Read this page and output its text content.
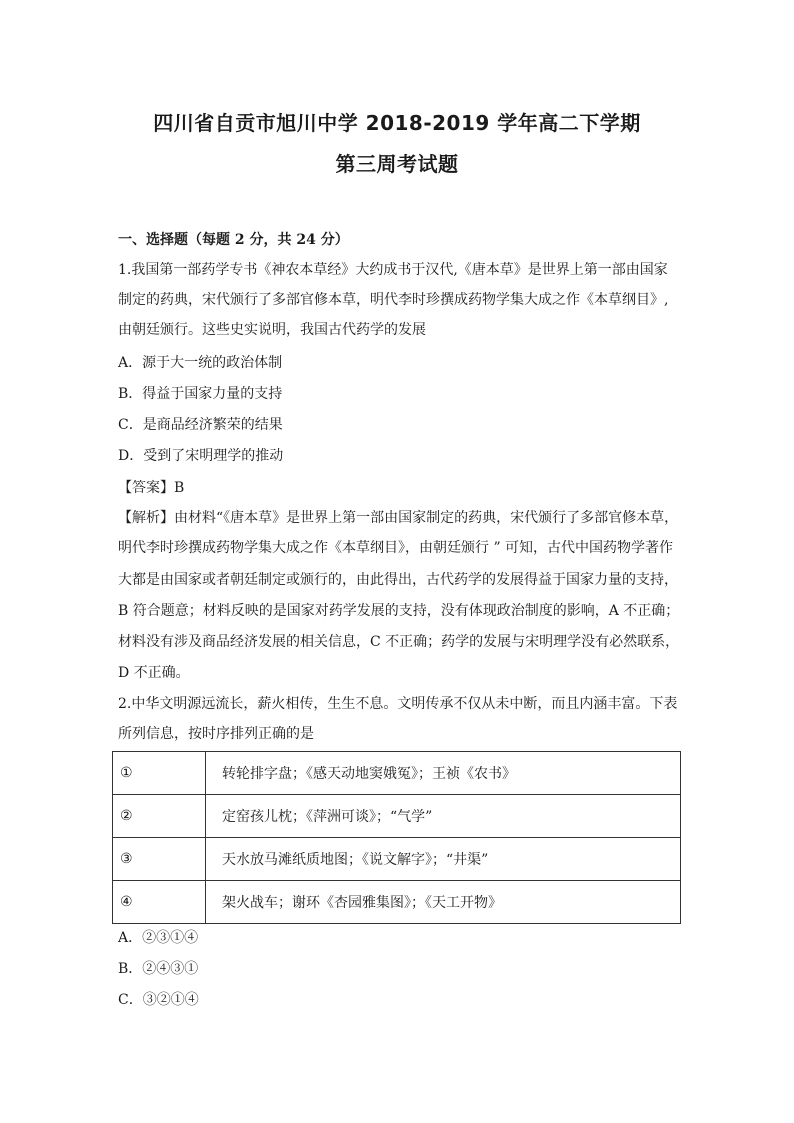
四川省自贡市旭川中学 2018-2019 学年高二下学期
第三周考试题
一、选择题（每题 2 分，共 24 分）
1.我国第一部药学专书《神农本草经》大约成书于汉代,《唐本草》是世界上第一部由国家
制定的药典，宋代颁行了多部官修本草，明代李时珍撰成药物学集大成之作《本草纲目》,
由朝廷颁行。这些史实说明，我国古代药学的发展
A．源于大一统的政治体制
B．得益于国家力量的支持
C．是商品经济繁荣的结果
D．受到了宋明理学的推动
【答案】B
【解析】由材料“《唐本草》是世界上第一部由国家制定的药典，宋代颁行了多部官修本草，
明代李时珍撰成药物学集大成之作《本草纲目》，由朝廷颁行 ” 可知，古代中国药物学著作
大都是由国家或者朝廷制定或颁行的，由此得出，古代药学的发展得益于国家力量的支持，
B 符合题意；材料反映的是国家对药学发展的支持，没有体现政治制度的影响，A 不正确；
材料没有涉及商品经济发展的相关信息，C 不正确；药学的发展与宋明理学没有必然联系，
D 不正确。
2.中华文明源远流长，薪火相传，生生不息。文明传承不仅从未中断，而且内涵丰富。下表
所列信息，按时序排列正确的是
①	转轮排字盘；《感天动地窦娥冤》；王祯《农书》
②	定窑孩儿枕；《萍洲可谈》；“气学”
③	天水放马滩纸质地图；《说文解字》；“井渠”
④	架火战车；谢环《杏园雅集图》；《天工开物》
A．②③①④
B．②④③①
C．③②①④
